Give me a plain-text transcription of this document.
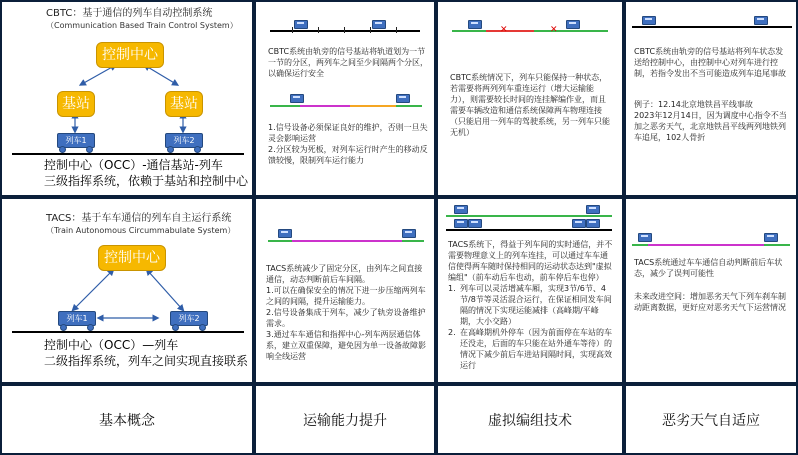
CBTC：基于通信的列车自动控制系统
（Communication Based Train Control System）
控制中心
基站	基站
列车1	列车2
控制中心（OCC）-通信基站-列车
三级指挥系统，依赖于基站和控制中心
CBTC系统由轨旁的信号基站将轨道划为一节一节的分区，两列车之间至少间隔两个分区，以确保运行安全

1.信号设备必须保证良好的维护，否则一旦失灵会影响运营

2.分区较为死板，对列车运行时产生的移动反馈较慢，限制列车运行能力

✕	✕
CBTC系统情况下，列车只能保持一种状态，若需要将两列列车重连运行（增大运输能力），则需要较长时间的连挂解编作业，而且需要车辆改造和通信系统保障两车物理连接（只能启用一列车的驾驶系统，另一列车只能无机）
CBTC系统由轨旁的信号基站将列车状态发送给控制中心，由控制中心对列车进行控制，若指令发出不当可能造成列车追尾事故

例子：12.14北京地铁昌平线事故

2023年12月14日，因为调度中心指令不当加之恶劣天气，北京地铁昌平线两列地铁列车追尾，102人骨折

TACS：基于车车通信的列车自主运行系统
（Train Autonomous Circummabulate System）
控制中心
列车1	列车2
控制中心（OCC）—列车
二级指挥系统，列车之间实现直接联系

TACS系统减少了固定分区，由列车之间直接通信，动态判断前后车间隔。

1.可以在确保安全的情况下进一步压缩两列车之间的间隔，提升运输能力。

2.信号设备集成于列车，减少了轨旁设备维护需求。

3.通过车车通信和指挥中心-列车两层通信体系，建立双重保障，避免因为单一设备故障影响全线运营

TACS系统下，得益于列车间的实时通信，并不需要物理意义上的列车连挂，可以通过车车通信使得两车随时保持相同的运动状态达到"虚拟编组"（前车动后车也动，前车停后车也停）

1. 列车可以灵活增减车厢，实现3节/6节、4节/8节等灵活混合运行，在保证相同发车间隔的情况下实现运能减排（高峰期/平峰期，大小交路）
2. 在高峰期机外停车（因为前面停在车站的车还没走，后面的车只能在站外通车等待）的情况下减少前后车进站间隔时间，实现高效运行
TACS系统通过车车通信自动判断前后车状态，减少了误判可能性
未来改进空间：增加恶劣天气下列车刹车制动距离数据，更好应对恶劣天气下运营情况
基本概念	运输能力提升	虚拟编组技术	恶劣天气自适应
